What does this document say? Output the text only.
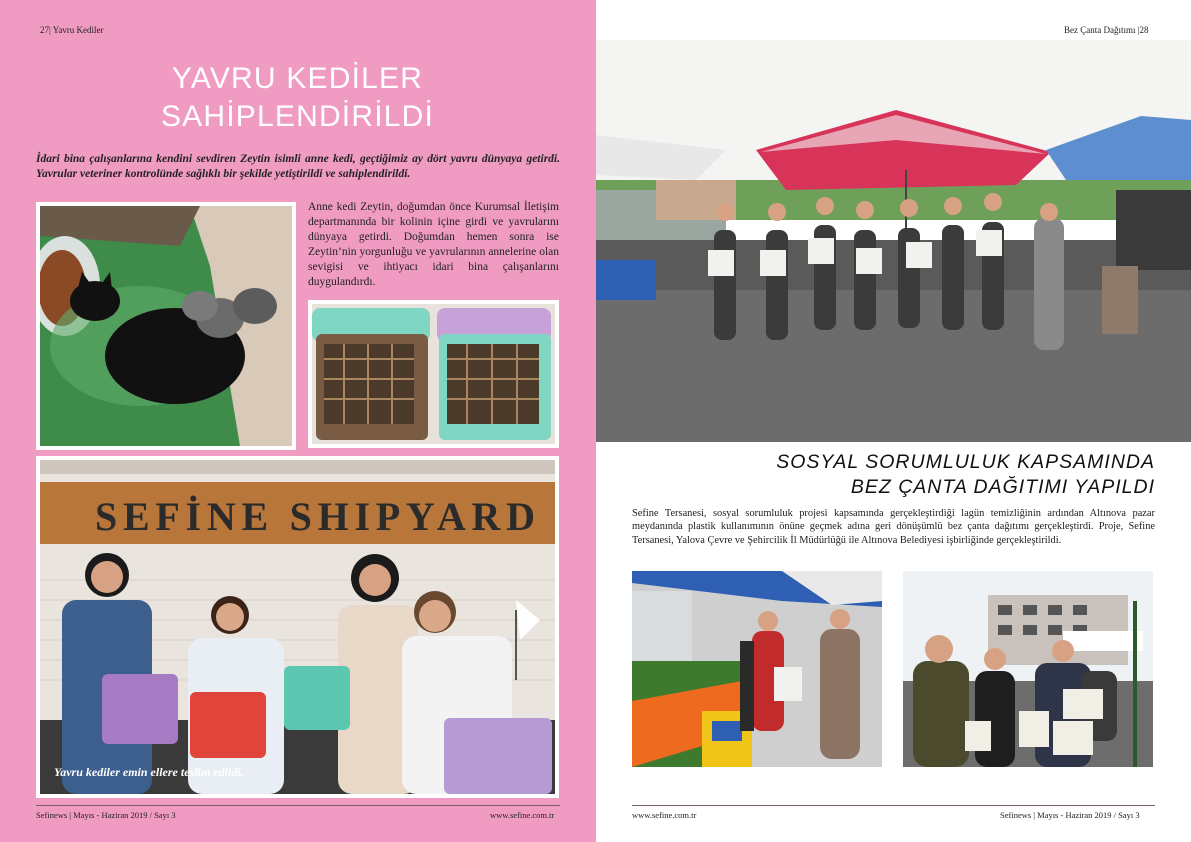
27| Yavru Kediler
YAVRU KEDİLER
SAHİPLENDİRİLDİ
İdari bina çalışanlarına kendini sevdiren Zeytin isimli anne kedi, geçtiğimiz ay dört yavru dünyaya getirdi. Yavrular veteriner kontrolünde sağlıklı bir şekilde yetiştirildi ve sahiplendirildi.
Anne kedi Zeytin, doğumdan önce Kurumsal İletişim departmanında bir kolinin içine girdi ve yavrularını dünyaya getirdi. Doğumdan hemen sonra ise Zeytin’nin yorgunluğu ve yavrularının annelerine olan sevigisi ve ihtiyacı idari bina çalışanlarını duygulandırdı.
SEFİNE SHIPYARD
Yavru kediler emin ellere teslim edildi.
Sefinews | Mayıs - Haziran 2019 / Sayı 3	www.sefine.com.tr
Bez Çanta Dağıtımı |28
SOSYAL SORUMLULUK KAPSAMINDA
BEZ ÇANTA DAĞITIMI YAPILDI
Sefine Tersanesi, sosyal sorumluluk projesi kapsamında gerçekleştirdiği lagün temizliğinin ardından Altınova pazar meydanında plastik kullanımının önüne geçmek adına geri dönüşümlü bez çanta dağıtımı gerçekleştirdi. Proje, Sefine Tersanesi, Yalova Çevre ve Şehircilik İl Müdürlüğü ile Altınova Belediyesi işbirliğinde gerçekleştirildi.
www.sefine.com.tr	Sefinews | Mayıs - Haziran 2019 / Sayı 3
